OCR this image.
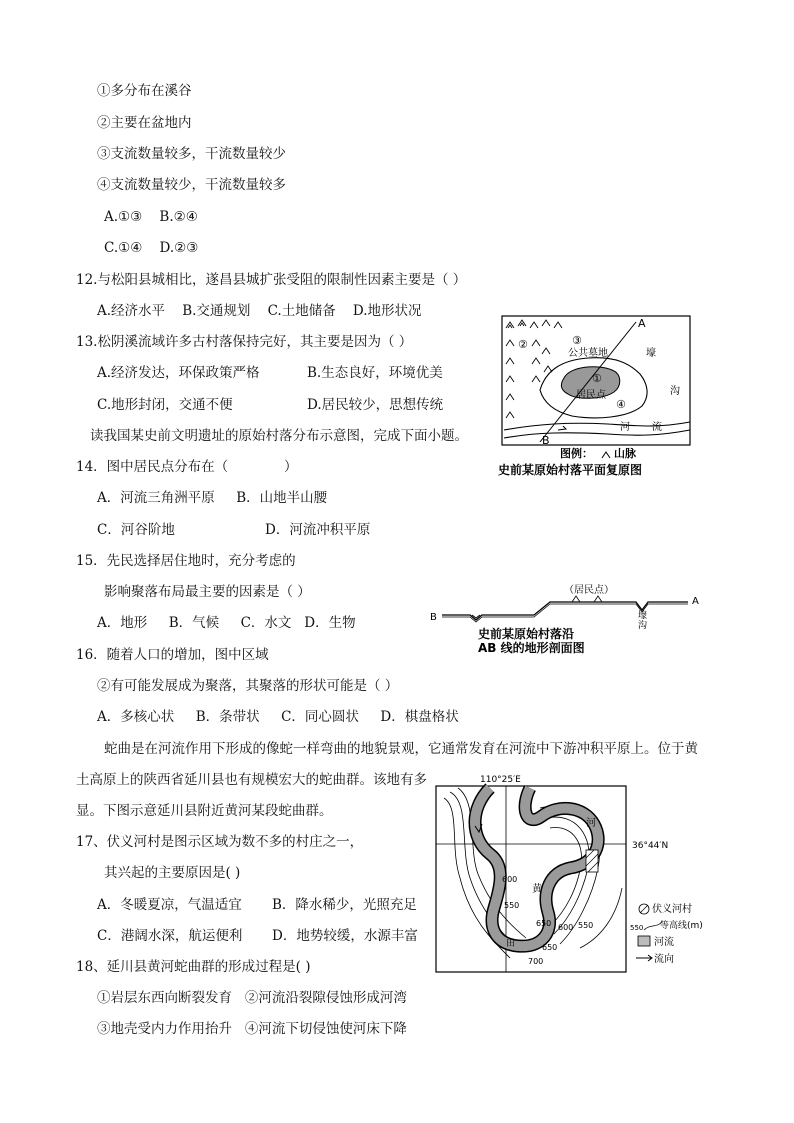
①多分布在溪谷
②主要在盆地内
③支流数量较多，干流数量较少
④支流数量较少，干流数量较多
A.①③    B.②④
C.①④    D.②③
12.与松阳县城相比，遂昌县城扩张受阻的限制性因素主要是（ ）
A.经济水平    B.交通规划    C.土地储备    D.地形状况
13.松阴溪流域许多古村落保持完好，其主要是因为（ ）
A.经济发达，环保政策严格	B.生态良好，环境优美
C.地形封闭，交通不便	D.居民较少，思想传统
读我国某史前文明遗址的原始村落分布示意图，完成下面小题。
14．图中居民点分布在（             ）
A．河流三角洲平原     B．山地半山腰
C．河谷阶地	D．河流冲积平原
15．先民选择居住地时，充分考虑的
影响聚落布局最主要的因素是（ ）
A．地形     B．气候     C．水文   D．生物
16．随着人口的增加，图中区域
②有可能发展成为聚落，其聚落的形状可能是（ ）
A．多核心状     B．条带状     C．同心圆状     D．棋盘格状
蛇曲是在河流作用下形成的像蛇一样弯曲的地貌景观，它通常发育在河流中下游冲积平原上。位于黄
土高原上的陕西省延川县也有规模宏大的蛇曲群。该地有多
显。下图示意延川县附近黄河某段蛇曲群。
17、伏义河村是图示区域为数不多的村庄之一，
其兴起的主要原因是( )
A．冬暖夏凉，气温适宜 B．降水稀少，光照充足
C．港阔水深，航运便利 D．地势较缓，水源丰富
18、延川县黄河蛇曲群的形成过程是( )
①岩层东西向断裂发育   ②河流沿裂隙侵蚀形成河湾
③地壳受内力作用抬升   ④河流下切侵蚀使河床下降
A
B
③
②
①
④
公共墓地
居民点
壕
沟
河 流
图例： 山脉
史前某原始村落平面复原图
（居民点）
B
A
壕
沟
史前某原始村落沿
AB 线的地形剖面图
110°25′E
36°44′N
河
黄
600
550
650 600 550
650
700
田
伏义河村
550 等高线(m)
河流
流向
